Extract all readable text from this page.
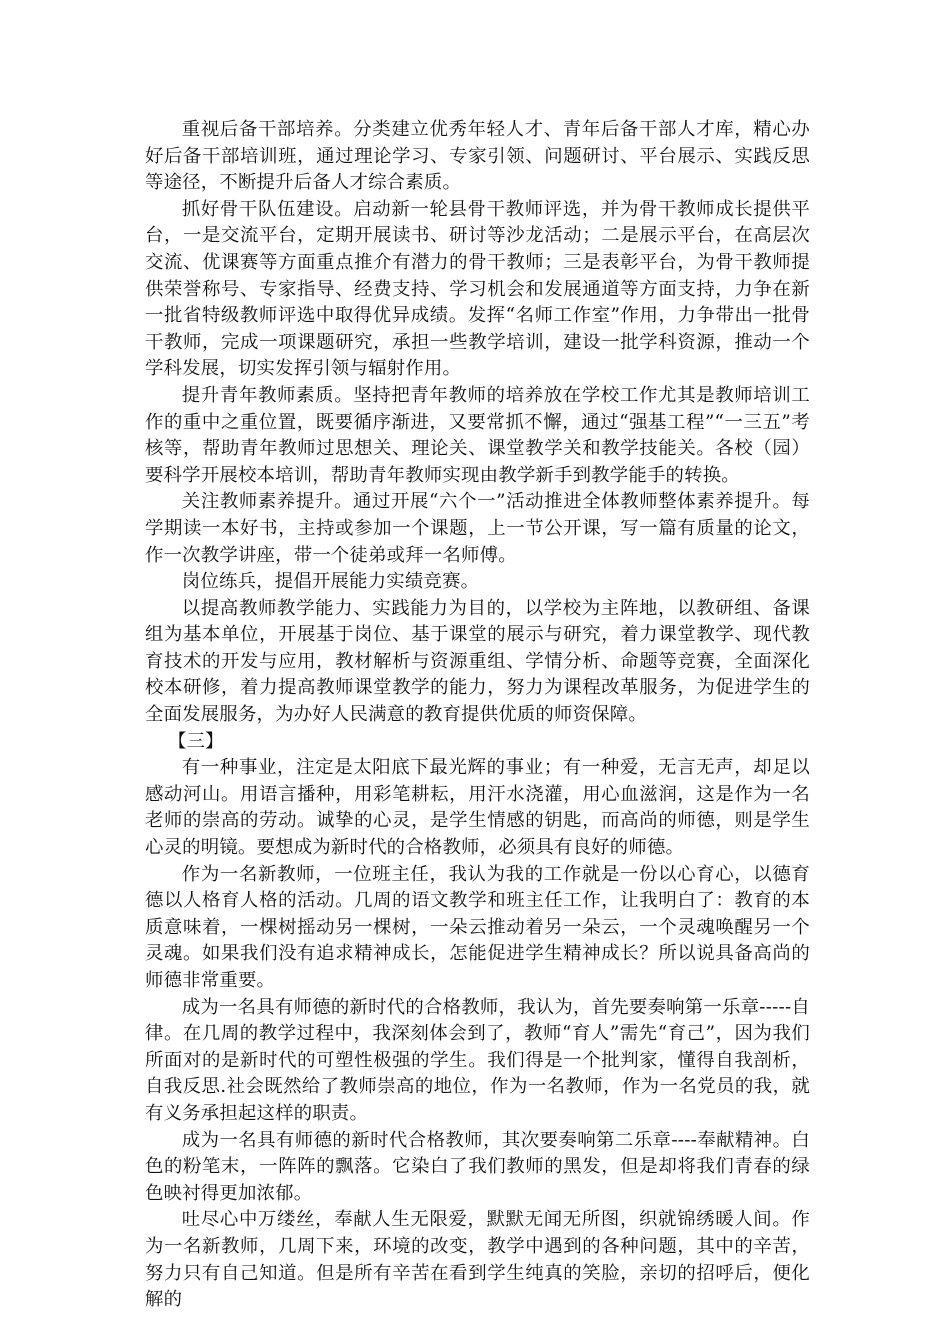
重视后备干部培养。分类建立优秀年轻人才、青年后备干部人才库，精心办好后备干部培训班，通过理论学习、专家引领、问题研讨、平台展示、实践反思等途径，不断提升后备人才综合素质。

抓好骨干队伍建设。启动新一轮县骨干教师评选，并为骨干教师成长提供平台，一是交流平台，定期开展读书、研讨等沙龙活动；二是展示平台，在高层次交流、优课赛等方面重点推介有潜力的骨干教师；三是表彰平台，为骨干教师提供荣誉称号、专家指导、经费支持、学习机会和发展通道等方面支持，力争在新一批省特级教师评选中取得优异成绩。发挥“名师工作室”作用，力争带出一批骨干教师，完成一项课题研究，承担一些教学培训，建设一批学科资源，推动一个学科发展，切实发挥引领与辐射作用。

提升青年教师素质。坚持把青年教师的培养放在学校工作尤其是教师培训工作的重中之重位置，既要循序渐进，又要常抓不懈，通过“强基工程”“一三五”考核等，帮助青年教师过思想关、理论关、课堂教学关和教学技能关。各校（园）要科学开展校本培训，帮助青年教师实现由教学新手到教学能手的转换。

关注教师素养提升。通过开展“六个一”活动推进全体教师整体素养提升。每学期读一本好书，主持或参加一个课题，上一节公开课，写一篇有质量的论文，作一次教学讲座，带一个徒弟或拜一名师傅。

岗位练兵，提倡开展能力实绩竞赛。

以提高教师教学能力、实践能力为目的，以学校为主阵地，以教研组、备课组为基本单位，开展基于岗位、基于课堂的展示与研究，着力课堂教学、现代教育技术的开发与应用，教材解析与资源重组、学情分析、命题等竞赛，全面深化校本研修，着力提高教师课堂教学的能力，努力为课程改革服务，为促进学生的全面发展服务，为办好人民满意的教育提供优质的师资保障。

【三】

有一种事业，注定是太阳底下最光辉的事业；有一种爱，无言无声，却足以感动河山。用语言播种，用彩笔耕耘，用汗水浇灌，用心血滋润，这是作为一名老师的崇高的劳动。诚挚的心灵，是学生情感的钥匙，而高尚的师德，则是学生心灵的明镜。要想成为新时代的合格教师，必须具有良好的师德。

作为一名新教师，一位班主任，我认为我的工作就是一份以心育心，以德育德以人格育人格的活动。几周的语文教学和班主任工作，让我明白了：教育的本质意味着，一棵树摇动另一棵树，一朵云推动着另一朵云，一个灵魂唤醒另一个灵魂。如果我们没有追求精神成长，怎能促进学生精神成长？所以说具备高尚的师德非常重要。

成为一名具有师德的新时代的合格教师，我认为，首先要奏响第一乐章-----自律。在几周的教学过程中，我深刻体会到了，教师“育人”需先“育己”，因为我们所面对的是新时代的可塑性极强的学生。我们得是一个批判家，懂得自我剖析，自我反思.社会既然给了教师崇高的地位，作为一名教师，作为一名党员的我，就有义务承担起这样的职责。

成为一名具有师德的新时代合格教师，其次要奏响第二乐章----奉献精神。白色的粉笔末，一阵阵的飘落。它染白了我们教师的黑发，但是却将我们青春的绿色映衬得更加浓郁。

吐尽心中万缕丝，奉献人生无限爱，默默无闻无所图，织就锦绣暖人间。作为一名新教师，几周下来，环境的改变，教学中遇到的各种问题，其中的辛苦，努力只有自己知道。但是所有辛苦在看到学生纯真的笑脸，亲切的招呼后，便化解的
